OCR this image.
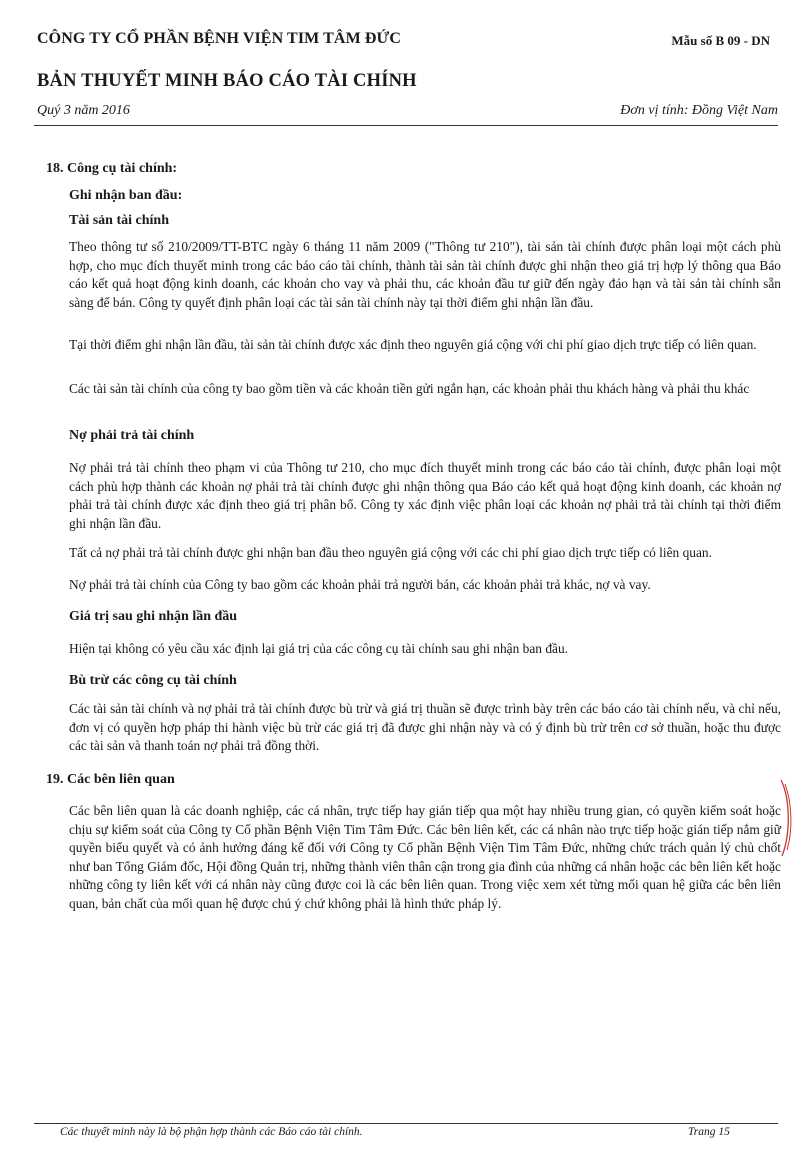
CÔNG TY CỔ PHẦN BỆNH VIỆN TIM TÂM ĐỨC	Mẫu số B 09 - DN
BẢN THUYẾT MINH BÁO CÁO TÀI CHÍNH
Quý 3 năm 2016	Đơn vị tính: Đồng Việt Nam
18. Công cụ tài chính:
Ghi nhận ban đầu:
Tài sản tài chính
Theo thông tư số 210/2009/TT-BTC ngày 6 tháng 11 năm 2009 ("Thông tư 210"), tài sản tài chính được phân loại một cách phù hợp, cho mục đích thuyết minh trong các báo cáo tài chính, thành tài sản tài chính được ghi nhận theo giá trị hợp lý thông qua Báo cáo kết quả hoạt động kinh doanh, các khoản cho vay và phải thu, các khoản đầu tư giữ đến ngày đáo hạn và tài sản tài chính sẵn sàng để bán. Công ty quyết định phân loại các tài sản tài chính này tại thời điểm ghi nhận lần đầu.
Tại thời điểm ghi nhận lần đầu, tài sản tài chính được xác định theo nguyên giá cộng với chi phí giao dịch trực tiếp có liên quan.
Các tài sản tài chính của công ty bao gồm tiền và các khoản tiền gửi ngắn hạn, các khoản phải thu khách hàng và phải thu khác
Nợ phải trả tài chính
Nợ phải trả tài chính theo phạm vi của Thông tư 210, cho mục đích thuyết minh trong các báo cáo tài chính, được phân loại một cách phù hợp thành các khoản nợ phải trả tài chính được ghi nhận thông qua Báo cáo kết quả hoạt động kinh doanh, các khoản nợ phải trả tài chính được xác định theo giá trị phân bổ. Công ty xác định việc phân loại các khoản nợ phải trả tài chính tại thời điểm ghi nhận lần đầu.
Tất cả nợ phải trả tài chính được ghi nhận ban đầu theo nguyên giá cộng với các chi phí giao dịch trực tiếp có liên quan.
Nợ phải trả tài chính của Công ty bao gồm các khoản phải trả người bán, các khoản phải trả khác, nợ và vay.
Giá trị sau ghi nhận lần đầu
Hiện tại không có yêu cầu xác định lại giá trị của các công cụ tài chính sau ghi nhận ban đầu.
Bù trừ các công cụ tài chính
Các tài sản tài chính và nợ phải trả tài chính được bù trừ và giá trị thuần sẽ được trình bày trên các báo cáo tài chính nếu, và chỉ nếu, đơn vị có quyền hợp pháp thi hành việc bù trừ các giá trị đã được ghi nhận này và có ý định bù trừ trên cơ sở thuần, hoặc thu được các tài sản và thanh toán nợ phải trả đồng thời.
19. Các bên liên quan
Các bên liên quan là các doanh nghiệp, các cá nhân, trực tiếp hay gián tiếp qua một hay nhiều trung gian, có quyền kiểm soát hoặc chịu sự kiểm soát của Công ty Cổ phần Bệnh Viện Tim Tâm Đức. Các bên liên kết, các cá nhân nào trực tiếp hoặc gián tiếp nắm giữ quyền biểu quyết và có ảnh hưởng đáng kể đối với Công ty Cổ phần Bệnh Viện Tim Tâm Đức, những chức trách quản lý chủ chốt như ban Tổng Giám đốc, Hội đồng Quản trị, những thành viên thân cận trong gia đình của những cá nhân hoặc các bên liên kết hoặc những công ty liên kết với cá nhân này cũng được coi là các bên liên quan. Trong việc xem xét từng mối quan hệ giữa các bên liên quan, bản chất của mối quan hệ được chú ý chứ không phải là hình thức pháp lý.
Các thuyết minh này là bộ phận hợp thành các Báo cáo tài chính.	Trang 15
